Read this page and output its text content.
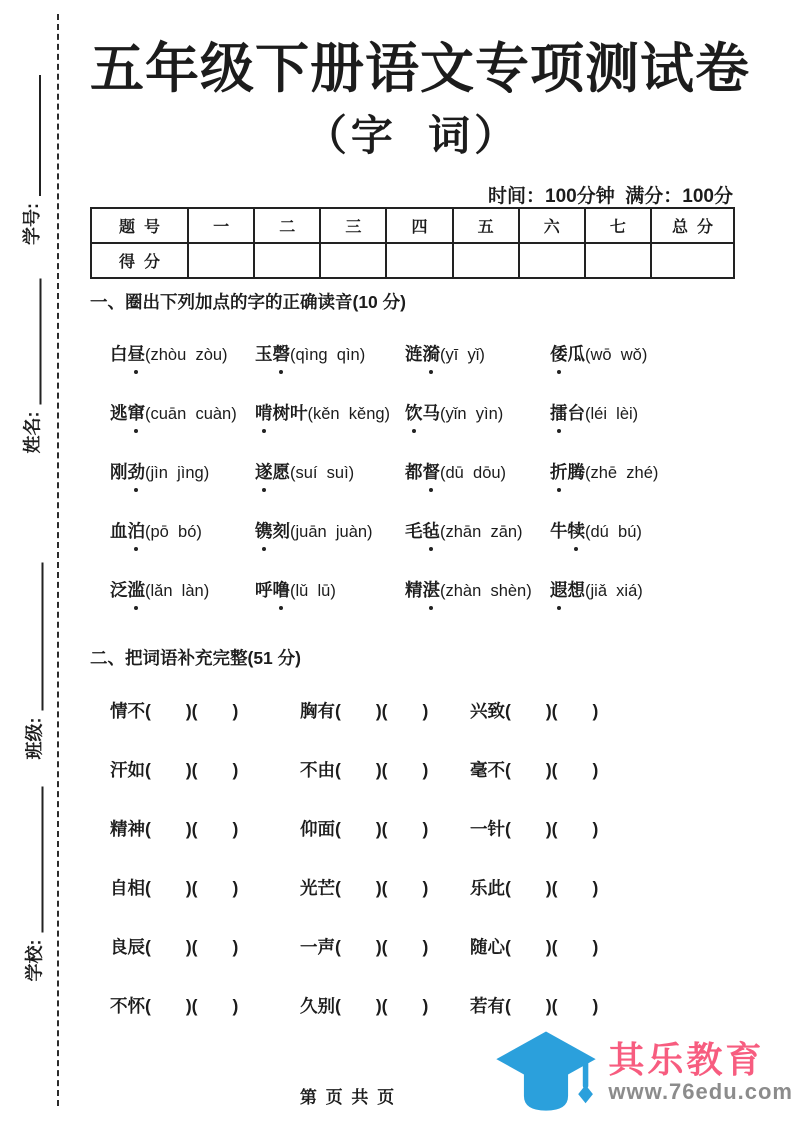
学号:
姓名:
班级:
学校:
五年级下册语文专项测试卷
（字  词）
时间：100分钟  满分：100分
题  号	一	二	三	四	五	六	七	总  分
得  分								
一、圈出下列加点的字的正确读音(10 分)
白昼(zhòu  zòu)	玉磬(qìng  qìn)	涟漪(yī  yǐ)	倭瓜(wō  wǒ)
逃窜(cuān  cuàn)	啃树叶(kěn  kěng) 饮马(yǐn  yìn)	擂台(léi  lèi)
刚劲(jìn  jìng)	遂愿(suí  suì)	都督(dū  dōu)	折腾(zhē  zhé)
血泊(pō  bó)	镌刻(juān  juàn)	毛毡(zhān  zān)	牛犊(dú  bú)
泛滥(lǎn  làn)	呼噜(lǔ  lū)	精湛(zhàn  shèn)	遐想(jiǎ  xiá)
二、把词语补充完整(51 分)
情不(　　)(　　)	胸有(　　)(　　)	兴致(　　)(　　)
汗如(　　)(　　)	不由(　　)(　　)	毫不(　　)(　　)
精神(　　)(　　)	仰面(　　)(　　)	一针(　　)(　　)
自相(　　)(　　)	光芒(　　)(　　)	乐此(　　)(　　)
良辰(　　)(　　)	一声(　　)(　　)	随心(　　)(　　)
不怀(　　)(　　)	久别(　　)(　　)	若有(　　)(　　)
第 页 共 页
其乐教育
www.76edu.com
